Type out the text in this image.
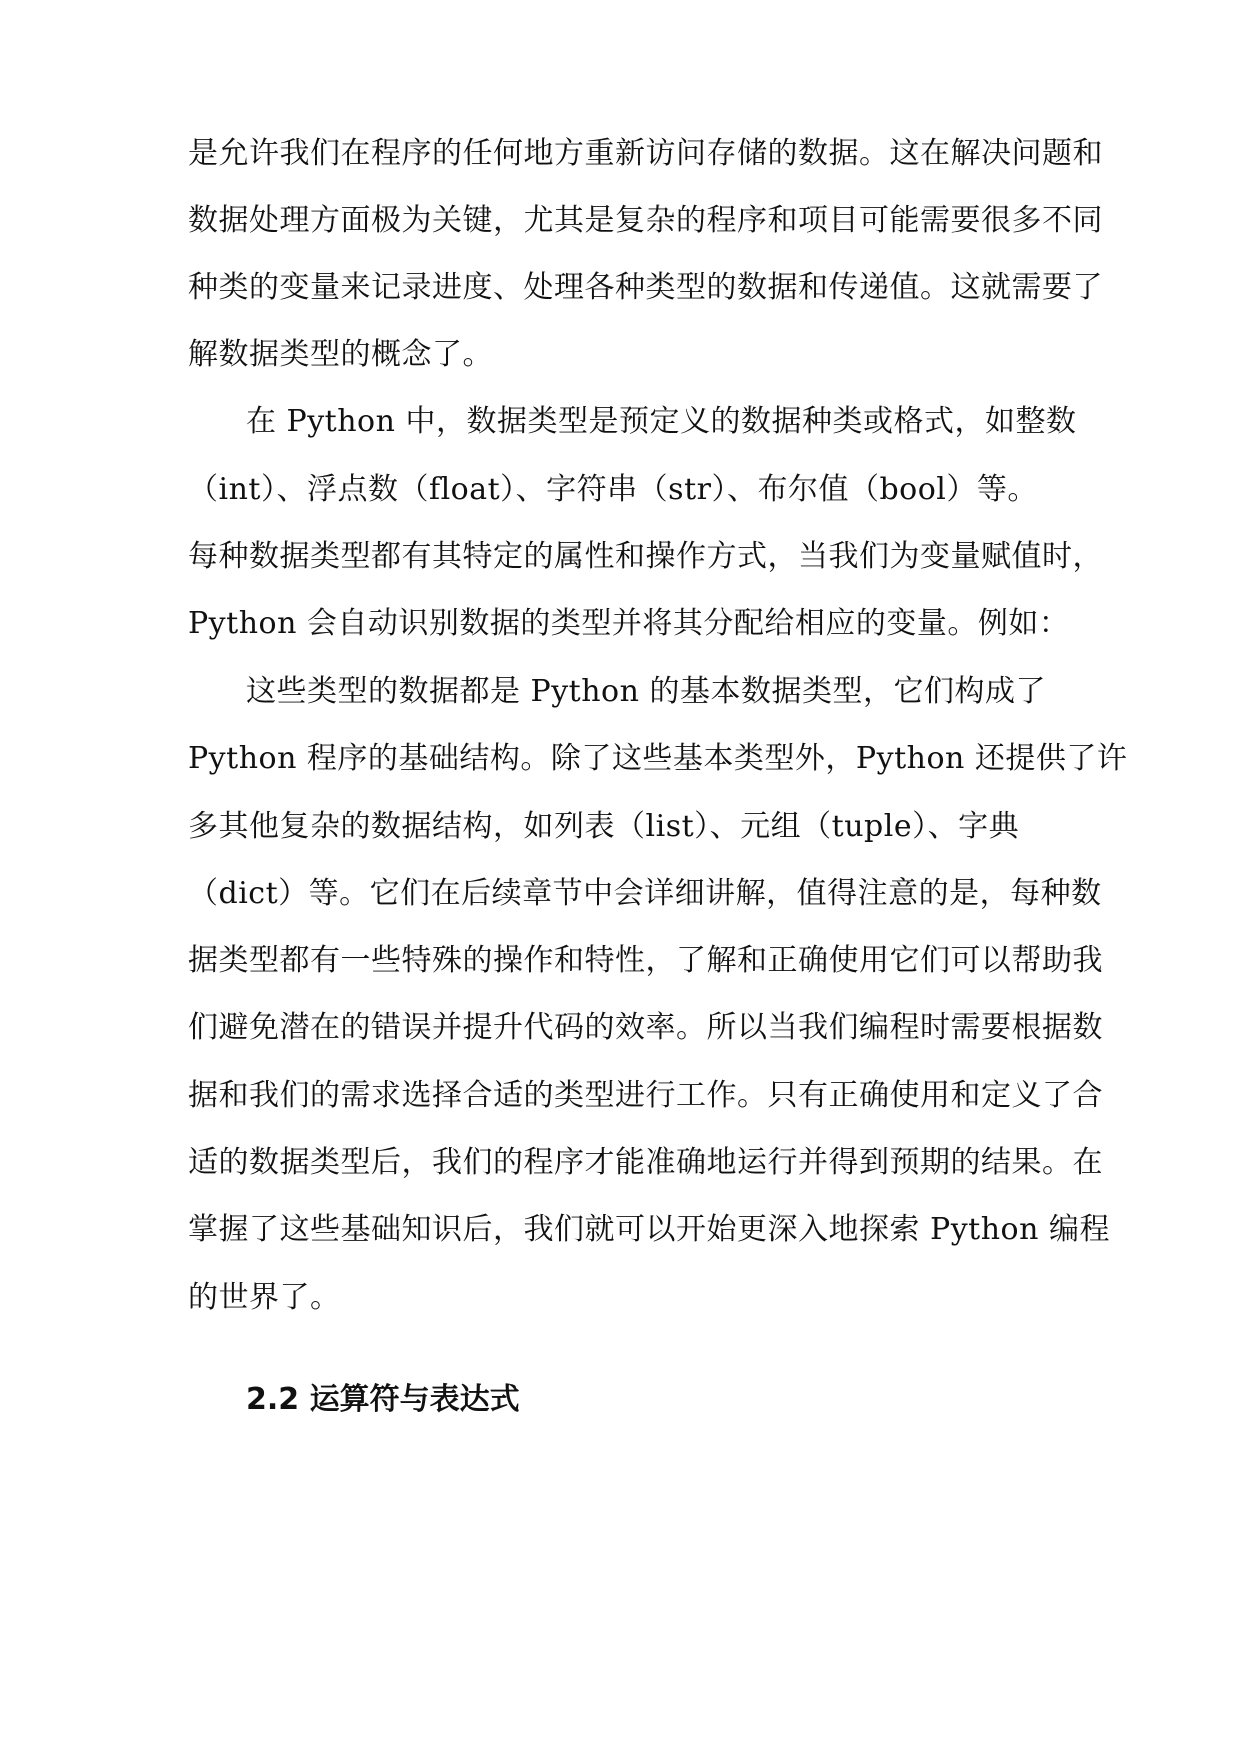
是允许我们在程序的任何地方重新访问存储的数据。这在解决问题和
数据处理方面极为关键，尤其是复杂的程序和项目可能需要很多不同
种类的变量来记录进度、处理各种类型的数据和传递值。这就需要了
解数据类型的概念了。
在 Python 中，数据类型是预定义的数据种类或格式，如整数
（int）、浮点数（float）、字符串（str）、布尔值（bool）等。
每种数据类型都有其特定的属性和操作方式，当我们为变量赋值时，
Python 会自动识别数据的类型并将其分配给相应的变量。例如：
这些类型的数据都是 Python 的基本数据类型，它们构成了
Python 程序的基础结构。除了这些基本类型外，Python 还提供了许
多其他复杂的数据结构，如列表（list）、元组（tuple）、字典
（dict）等。它们在后续章节中会详细讲解，值得注意的是，每种数
据类型都有一些特殊的操作和特性，了解和正确使用它们可以帮助我
们避免潜在的错误并提升代码的效率。所以当我们编程时需要根据数
据和我们的需求选择合适的类型进行工作。只有正确使用和定义了合
适的数据类型后，我们的程序才能准确地运行并得到预期的结果。在
掌握了这些基础知识后，我们就可以开始更深入地探索 Python 编程
的世界了。
2.2 运算符与表达式
